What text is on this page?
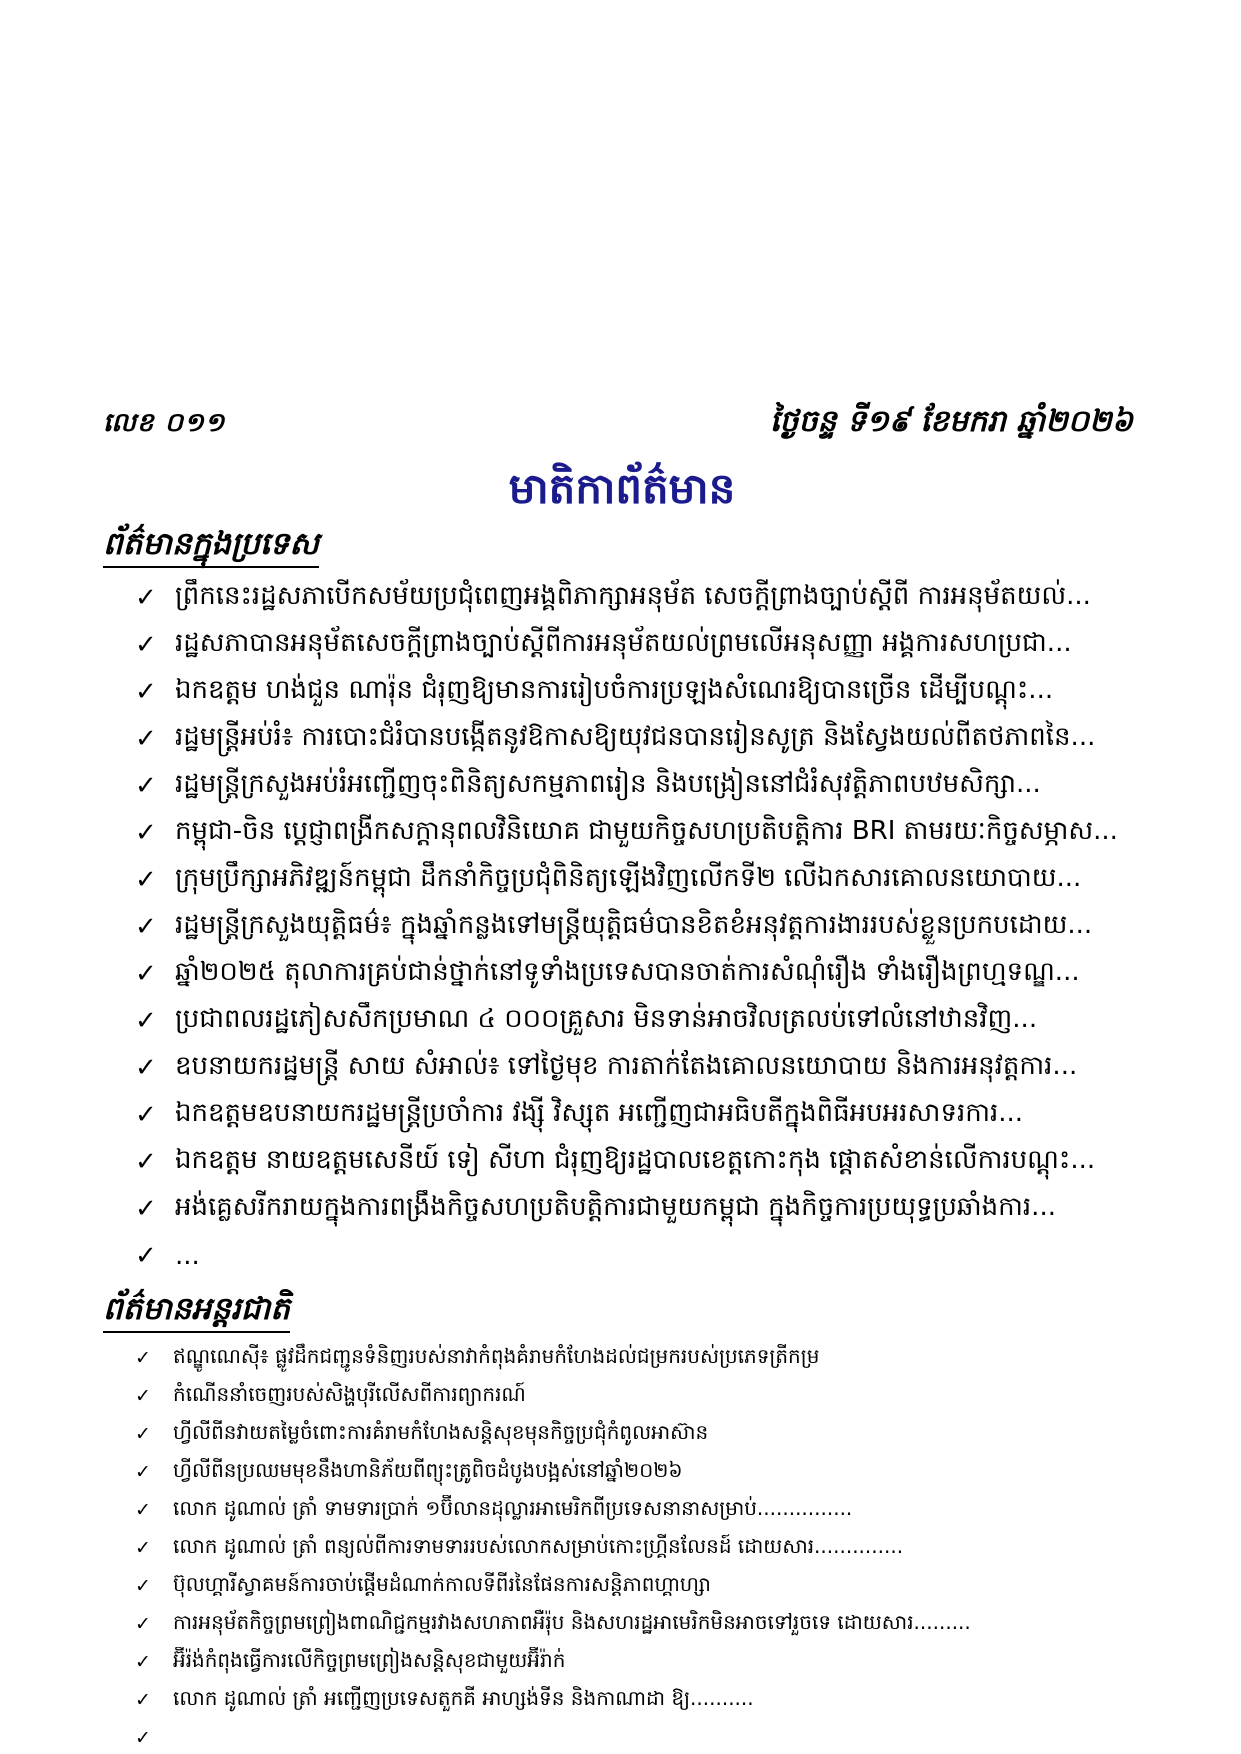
លេខ ០១១	ថ្ងៃចន្ទ ទី១៩ ខែមករា ឆ្នាំ២០២៦
មាតិកាព័ត៌មាន
ព័ត៌មានក្នុងប្រទេស
✓ ព្រឹកនេះរដ្ឋសភាបើកសម័យប្រជុំពេញអង្គពិភាក្សាអនុម័ត សេចក្តីព្រាងច្បាប់ស្តីពី ការអនុម័តយល់...
✓ រដ្ឋសភាបានអនុម័តសេចក្តីព្រាងច្បាប់ស្តីពីការអនុម័តយល់ព្រមលើអនុសញ្ញា អង្គការសហប្រជា...
✓ ឯកឧត្តម ហង់ជួន ណារ៉ុន ជំរុញឱ្យមានការរៀបចំការប្រឡងសំណេរឱ្យបានច្រើន ដើម្បីបណ្តុះ...
✓ រដ្ឋមន្រ្តីអប់រំ៖ ការបោះជំរំបានបង្កើតនូវឱកាសឱ្យយុវជនបានរៀនសូត្រ និងស្វែងយល់ពីតថភាពនៃ...
✓ រដ្ឋមន្រ្តីក្រសួងអប់រំអញ្ជើញចុះពិនិត្យសកម្មភាពរៀន និងបង្រៀននៅជំរំសុវត្តិភាពបឋមសិក្សា...
✓ កម្ពុជា-ចិន ប្តេជ្ញាពង្រីកសក្តានុពលវិនិយោគ ជាមួយកិច្ចសហប្រតិបត្តិការ BRI តាមរយៈកិច្ចសម្ភាស...
✓ ក្រុមប្រឹក្សាអភិវឌ្ឍន៍កម្ពុជា ដឹកនាំកិច្ចប្រជុំពិនិត្យឡើងវិញលើកទី២ លើឯកសារគោលនយោបាយ...
✓ រដ្ឋមន្រ្តីក្រសួងយុត្តិធម៌៖ ក្នុងឆ្នាំកន្លងទៅមន្រ្តីយុត្តិធម៌បានខិតខំអនុវត្តការងាររបស់ខ្លួនប្រកបដោយ...
✓ ឆ្នាំ២០២៥ តុលាការគ្រប់ជាន់ថ្នាក់នៅទូទាំងប្រទេសបានចាត់ការសំណុំរឿង ទាំងរឿងព្រហ្មទណ្ឌ...
✓ ប្រជាពលរដ្ឋភៀសសឹកប្រមាណ ៤ ០០០គ្រួសារ មិនទាន់អាចវិលត្រលប់ទៅលំនៅឋានវិញ...
✓ ឧបនាយករដ្ឋមន្រ្តី សាយ សំអាល់៖ ទៅថ្ងៃមុខ ការតាក់តែងគោលនយោបាយ និងការអនុវត្តការ...
✓ ឯកឧត្តមឧបនាយករដ្ឋមន្រ្តីប្រចាំការ វង្ស៊ី វិស្សុត អញ្ជើញជាអធិបតីក្នុងពិធីអបអរសាទរការ...
✓ ឯកឧត្តម នាយឧត្តមសេនីយ៍ ទៀ សីហា ជំរុញឱ្យរដ្ឋបាលខេត្តកោះកុង ផ្តោតសំខាន់លើការបណ្តុះ...
✓ អង់គ្លេសរីករាយក្នុងការពង្រឹងកិច្ចសហប្រតិបត្តិការជាមួយកម្ពុជា ក្នុងកិច្ចការប្រយុទ្ធប្រឆាំងការ...
✓ ...
ព័ត៌មានអន្តរជាតិ
✓	ឥណ្ឌូណេស៊ី៖ ផ្លូវដឹកជញ្ជូនទំនិញរបស់នាវាកំពុងគំរាមកំហែងដល់ជម្រករបស់ប្រភេទត្រីកម្រ
✓	កំណើននាំចេញរបស់សិង្ហបុរីលើសពីការព្យាករណ៍
✓	ហ្វីលីពីនវាយតម្លៃចំពោះការគំរាមកំហែងសន្តិសុខមុនកិច្ចប្រជុំកំពូលអាស៊ាន
✓	ហ្វីលីពីនប្រឈមមុខនឹងហានិភ័យពីព្យុះត្រូពិចដំបូងបង្អស់នៅឆ្នាំ២០២៦
✓	លោក ដូណាល់ ត្រាំ ទាមទារប្រាក់ ១ប៊ីលានដុល្លារអាមេរិកពីប្រទេសនានាសម្រាប់...............
✓	លោក ដូណាល់ ត្រាំ ពន្យល់ពីការទាមទាររបស់លោកសម្រាប់កោះហ្គ្រីនលែនដ៍ ដោយសារ..............
✓	ប៊ុលហ្គារីស្វាគមន៍ការចាប់ផ្តើមដំណាក់កាលទីពីរនៃផែនការសន្តិភាពហ្គាហ្សា
✓	ការអនុម័តកិច្ចព្រមព្រៀងពាណិជ្ជកម្មរវាងសហភាពអឺរ៉ុប និងសហរដ្ឋអាមេរិកមិនអាចទៅរួចទេ ដោយសារ.........
✓	អ៊ីរ៉ង់កំពុងធ្វើការលើកិច្ចព្រមព្រៀងសន្តិសុខជាមួយអ៊ីរ៉ាក់
✓	លោក ដូណាល់ ត្រាំ អញ្ជើញប្រទេសតួកគី អាហ្សង់ទីន និងកាណាដា ឱ្យ..........
✓
